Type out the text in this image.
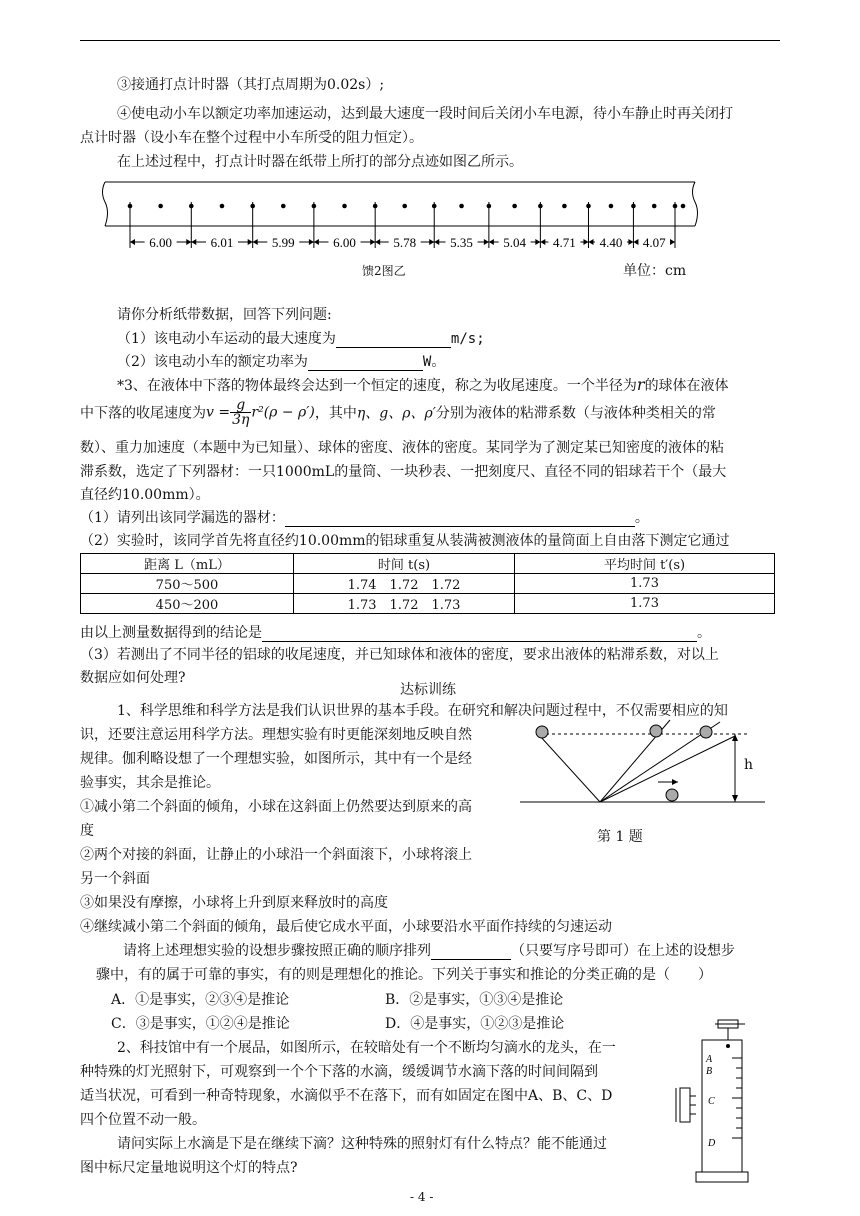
③接通打点计时器（其打点周期为0.02s）;
④使电动小车以额定功率加速运动，达到最大速度一段时间后关闭小车电源，待小车静止时再关闭打
点计时器（设小车在整个过程中小车所受的阻力恒定）。
在上述过程中，打点计时器在纸带上所打的部分点迹如图乙所示。
6.00	6.01	5.99	6.00	5.78	5.35 5.04 4.71 4.40 4.07
馈2图乙	单位：cm
请你分析纸带数据，回答下列问题:
（1）该电动小车运动的最大速度为	m/s;
（2）该电动小车的额定功率为	W。
*3、在液体中下落的物体最终会达到一个恒定的速度，称之为收尾速度。一个半径为r的球体在液体
中下落的收尾速度为$v = \frac{g}{3\eta} r^2(\rho - \rho')$，其中η、g、ρ、ρ′分别为液体的粘滞系数（与液体种类相关的常
数）、重力加速度（本题中为已知量）、球体的密度、液体的密度。某同学为了测定某已知密度的液体的粘
滞系数，选定了下列器材：一只1000mL的量筒、一块秒表、一把刻度尺、直径不同的铝球若干个（最大
直径约10.00mm）。
（1）请列出该同学漏选的器材：	。
（2）实验时，该同学首先将直径约10.00mm的铝球重复从装满被测液体的量筒面上自由落下测定它通过
距离 L（mL）	时间 t(s)	平均时间 t′(s)
750～500	1.74　1.72　1.72	1.73
450～200	1.73　1.72　1.73	1.73
由以上测量数据得到的结论是	。
（3）若测出了不同半径的铝球的收尾速度，并已知球体和液体的密度，要求出液体的粘滞系数，对以上
数据应如何处理?
达标训练
1、科学思维和科学方法是我们认识世界的基本手段。在研究和解决问题过程中，不仅需要相应的知
识，还要注意运用科学方法。理想实验有时更能深刻地反映自然
规律。伽利略设想了一个理想实验，如图所示，其中有一个是经
验事实，其余是推论。
①减小第二个斜面的倾角，小球在这斜面上仍然要达到原来的高
度
②两个对接的斜面，让静止的小球沿一个斜面滚下，小球将滚上
另一个斜面
③如果没有摩擦，小球将上升到原来释放时的高度
④继续减小第二个斜面的倾角，最后使它成水平面，小球要沿水平面作持续的匀速运动
请将上述理想实验的设想步骤按照正确的顺序排列	（只要写序号即可）在上述的设想步
骤中，有的属于可靠的事实，有的则是理想化的推论。下列关于事实和推论的分类正确的是（　　）
A．①是事实，②③④是推论	B．②是事实，①③④是推论
C．③是事实，①②④是推论	D．④是事实，①②③是推论
h
第 1 题
2、科技馆中有一个展品，如图所示，在较暗处有一个不断均匀滴水的龙头，在一
种特殊的灯光照射下，可观察到一个个下落的水滴，缓缓调节水滴下落的时间间隔到
适当状况，可看到一种奇特现象，水滴似乎不在落下，而有如固定在图中A、B、C、D
四个位置不动一般。
请问实际上水滴是下是在继续下滴？这种特殊的照射灯有什么特点？能不能通过
图中标尺定量地说明这个灯的特点?
A
B
C
D
- 4 -
